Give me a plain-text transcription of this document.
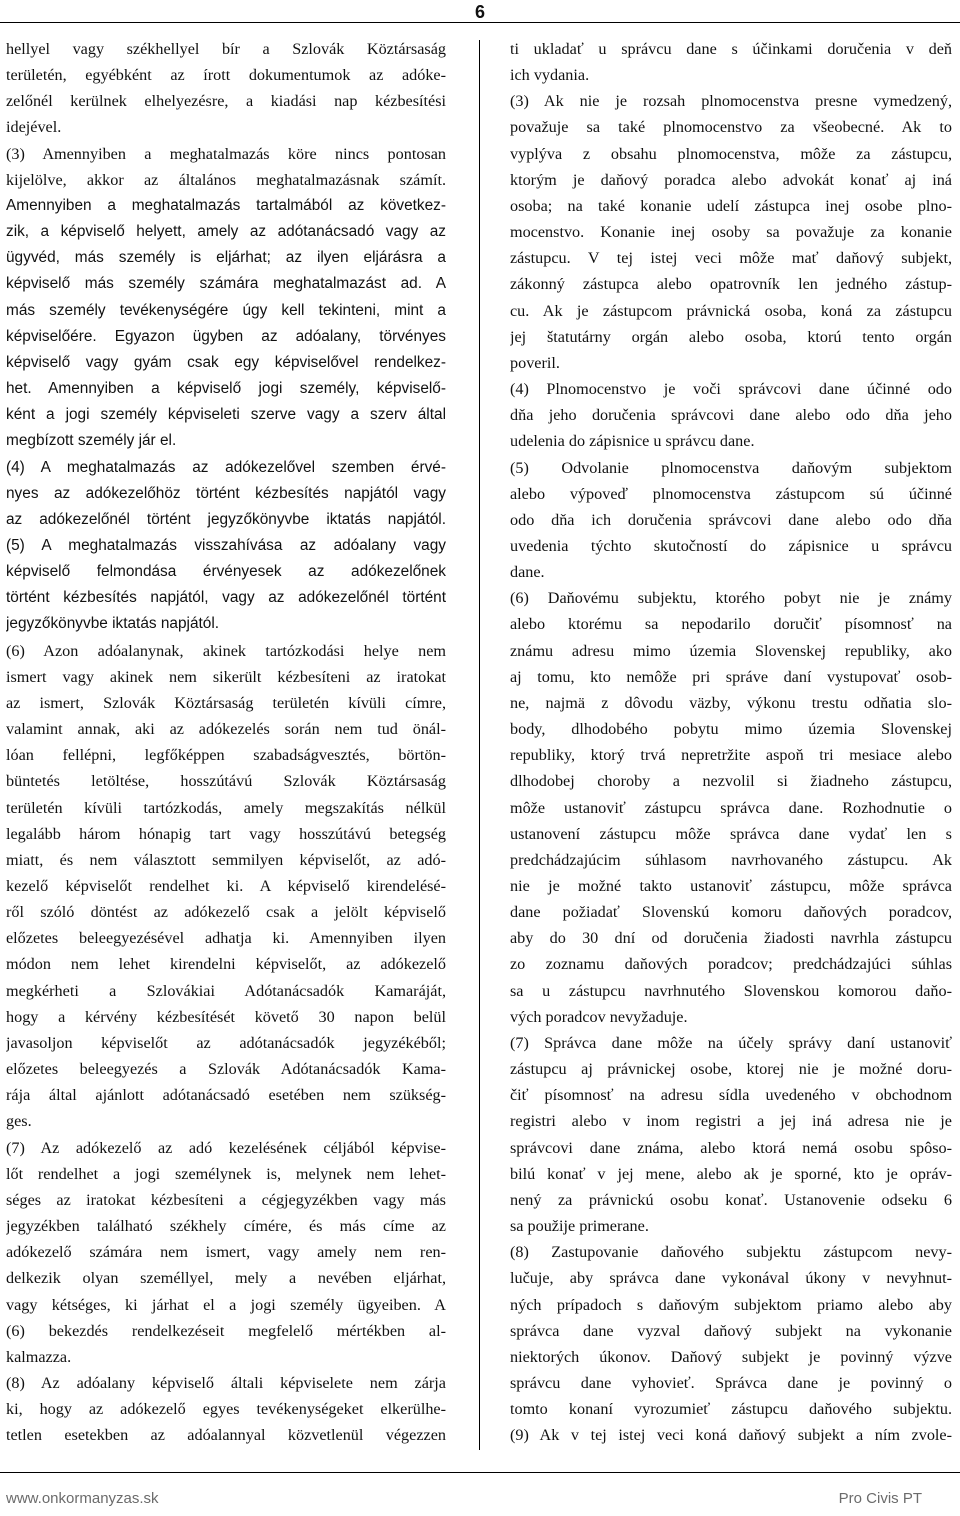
6
hellyel vagy székhellyel bír a Szlovák Köztársaság
területén, egyébként az írott dokumentumok az adóke-
zelőnél kerülnek elhelyezésre, a kiadási nap kézbesítési
idejével.
(3) Amennyiben a meghatalmazás köre nincs pontosan
kijelölve, akkor az általános meghatalmazásnak számít.
Amennyiben a meghatalmazás tartalmából az következ-
zik, a képviselő helyett, amely az adótanácsadó vagy az
ügyvéd, más személy is eljárhat; az ilyen eljárásra a
képviselő más személy számára meghatalmazást ad. A
más személy tevékenységére úgy kell tekinteni, mint a
képviselőére. Egyazon ügyben az adóalany, törvényes
képviselő vagy gyám csak egy képviselővel rendelkez-
het. Amennyiben a képviselő jogi személy, képviselő-
ként a jogi személy képviseleti szerve vagy a szerv által
megbízott személy jár el.
(4) A meghatalmazás az adókezelővel szemben érvé-
nyes az adókezelőhöz történt kézbesítés napjától vagy
az adókezelőnél történt jegyzőkönyvbe iktatás napjától.
(5) A meghatalmazás visszahívása az adóalany vagy
képviselő felmondása érvényesek az adókezelőnek
történt kézbesítés napjától, vagy az adókezelőnél történt
jegyzőkönyvbe iktatás napjától.
(6) Azon adóalanynak, akinek tartózkodási helye nem
ismert vagy akinek nem sikerült kézbesíteni az iratokat
az ismert, Szlovák Köztársaság területén kívüli címre,
valamint annak, aki az adókezelés során nem tud önál-
lóan fellépni, legfőképpen szabadságvesztés, börtön-
büntetés letöltése, hosszútávú Szlovák Köztársaság
területén kívüli tartózkodás, amely megszakítás nélkül
legalább három hónapig tart vagy hosszútávú betegség
miatt, és nem választott semmilyen képviselőt, az adó-
kezelő képviselőt rendelhet ki. A képviselő kirendelésé-
ről szóló döntést az adókezelő csak a jelölt képviselő
előzetes beleegyezésével adhatja ki. Amennyiben ilyen
módon nem lehet kirendelni képviselőt, az adókezelő
megkérheti a Szlovákiai Adótanácsadók Kamaráját,
hogy a kérvény kézbesítését követő 30 napon belül
javasoljon képviselőt az adótanácsadók jegyzékéből;
előzetes beleegyezés a Szlovák Adótanácsadók Kama-
rája által ajánlott adótanácsadó esetében nem szükség-
ges.
(7) Az adókezelő az adó kezelésének céljából képvise-
lőt rendelhet a jogi személynek is, melynek nem lehet-
séges az iratokat kézbesíteni a cégjegyzékben vagy más
jegyzékben található székhely címére, és más címe az
adókezelő számára nem ismert, vagy amely nem ren-
delkezik olyan személlyel, mely a nevében eljárhat,
vagy kétséges, ki járhat el a jogi személy ügyeiben. A
(6) bekezdés rendelkezéseit megfelelő mértékben al-
kalmazza.
(8) Az adóalany képviselő általi képviselete nem zárja
ki, hogy az adókezelő egyes tevékenységeket elkerülhe-
tetlen esetekben az adóalannyal közvetlenül végezzen
ti ukladať u správcu dane s účinkami doručenia v deň
ich vydania.
(3) Ak nie je rozsah plnomocenstva presne vymedzený,
považuje sa také plnomocenstvo za všeobecné. Ak to
vyplýva z obsahu plnomocenstva, môže za zástupcu,
ktorým je daňový poradca alebo advokát konať aj iná
osoba; na také konanie udelí zástupca inej osobe plno-
mocenstvo. Konanie inej osoby sa považuje za konanie
zástupcu. V tej istej veci môže mať daňový subjekt,
zákonný zástupca alebo opatrovník len jedného zástup-
cu. Ak je zástupcom právnická osoba, koná za zástupcu
jej štatutárny orgán alebo osoba, ktorú tento orgán
poveril.
(4) Plnomocenstvo je voči správcovi dane účinné odo
dňa jeho doručenia správcovi dane alebo odo dňa jeho
udelenia do zápisnice u správcu dane.
(5) Odvolanie plnomocenstva daňovým subjektom
alebo výpoveď plnomocenstva zástupcom sú účinné
odo dňa ich doručenia správcovi dane alebo odo dňa
uvedenia týchto skutočností do zápisnice u správcu
dane.
(6) Daňovému subjektu, ktorého pobyt nie je známy
alebo ktorému sa nepodarilo doručiť písomnosť na
známu adresu mimo územia Slovenskej republiky, ako
aj tomu, kto nemôže pri správe daní vystupovať osob-
ne, najmä z dôvodu väzby, výkonu trestu odňatia slo-
body, dlhodobého pobytu mimo územia Slovenskej
republiky, ktorý trvá nepretržite aspoň tri mesiace alebo
dlhodobej choroby a nezvolil si žiadneho zástupcu,
môže ustanoviť zástupcu správca dane. Rozhodnutie o
ustanovení zástupcu môže správca dane vydať len s
predchádzajúcim súhlasom navrhovaného zástupcu. Ak
nie je možné takto ustanoviť zástupcu, môže správca
dane požiadať Slovenskú komoru daňových poradcov,
aby do 30 dní od doručenia žiadosti navrhla zástupcu
zo zoznamu daňových poradcov; predchádzajúci súhlas
sa u zástupcu navrhnutého Slovenskou komorou daňo-
vých poradcov nevyžaduje.
(7) Správca dane môže na účely správy daní ustanoviť
zástupcu aj právnickej osobe, ktorej nie je možné doru-
čiť písomnosť na adresu sídla uvedeného v obchodnom
registri alebo v inom registri a jej iná adresa nie je
správcovi dane známa, alebo ktorá nemá osobu spôso-
bilú konať v jej mene, alebo ak je sporné, kto je opráv-
nený za právnickú osobu konať. Ustanovenie odseku 6
sa použije primerane.
(8) Zastupovanie daňového subjektu zástupcom nevy-
lučuje, aby správca dane vykonával úkony v nevyhnut-
ných prípadoch s daňovým subjektom priamo alebo aby
správca dane vyzval daňový subjekt na vykonanie
niektorých úkonov. Daňový subjekt je povinný výzve
správcu dane vyhovieť. Správca dane je povinný o
tomto konaní vyrozumieť zástupcu daňového subjektu.
(9) Ak v tej istej veci koná daňový subjekt a ním zvole-
www.onkormanyzas.sk	Pro Civis PT
